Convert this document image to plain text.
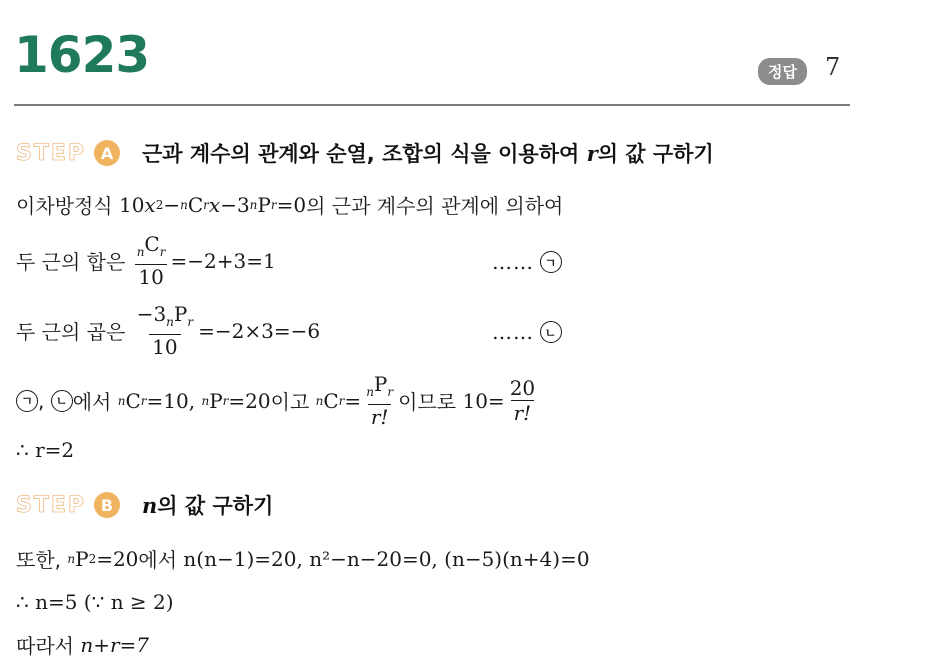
1623	정답	7
STEP A	근과 계수의 관계와 순열, 조합의 식을 이용하여 r의 값 구하기
이차방정식
10 x 2 − n C r x −3 n P r =0 의 근과 계수의 관계에 의하여
두 근의 합은
$\frac{_nC_r}{10} =-2+3=1$	…… ㄱ
두 근의 곱은
$\frac{-3_nP_r}{10} =-2\times 3=-6$	…… ㄴ
ㄱ , ㄴ 에서
n C r =10,
n P r =20 이고
n C $r = \frac{_nP_r}{r!}$ 이므로
$10= \frac{20}{r!}$
∴ r=2
STEP B	n의 값 구하기
또한,
n P 2 =20 에서
n(n−1)=20, n²−n−20=0, (n−5)(n+4)=0
∴ n=5 (∵ n ≥ 2)
따라서
n+r=7
